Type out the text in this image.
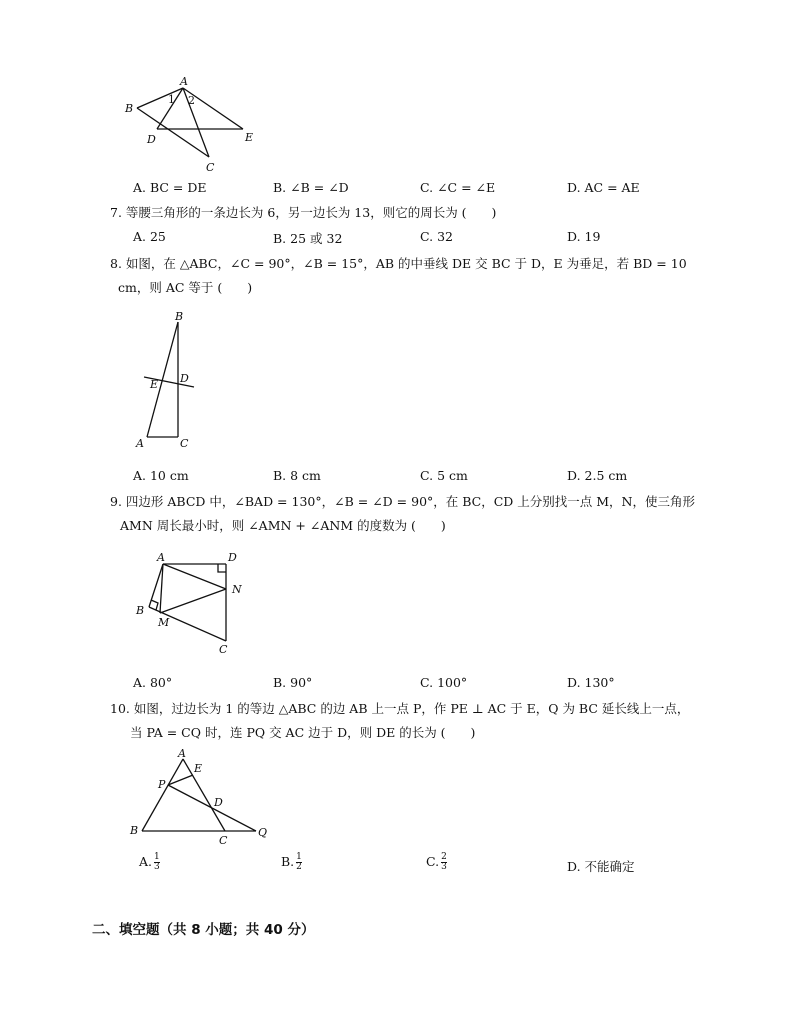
A
B
D	E
C
1 2
A. BC = DE	B. ∠B = ∠D	C. ∠C = ∠E	D. AC = AE
7. 等腰三角形的一条边长为 6，另一边长为 13，则它的周长为 (　　)
A. 25	B. 25 或 32	C. 32	D. 19
8. 如图，在 △ABC，∠C = 90°，∠B = 15°，AB 的中垂线 DE 交 BC 于 D，E 为垂足，若 BD = 10
cm，则 AC 等于 (　　)
B
D
E
A	C
A. 10 cm	B. 8 cm	C. 5 cm	D. 2.5 cm
9. 四边形 ABCD 中，∠BAD = 130°，∠B = ∠D = 90°，在 BC，CD 上分别找一点 M，N，使三角形
AMN 周长最小时，则 ∠AMN + ∠ANM 的度数为 (　　)
A	D
N
B
M
C
A. 80°	B. 90°	C. 100°	D. 130°
10. 如图，过边长为 1 的等边 △ABC 的边 AB 上一点 P，作 PE ⊥ AC 于 E，Q 为 BC 延长线上一点，
当 PA = CQ 时，连 PQ 交 AC 边于 D，则 DE 的长为 (　　)
A
E
P
D
B
C
Q
A. $\frac{1}{3}$	B. $\frac{1}{2}$	C. $\frac{2}{3}$	D. 不能确定
二、填空题（共 8 小题；共 40 分）
